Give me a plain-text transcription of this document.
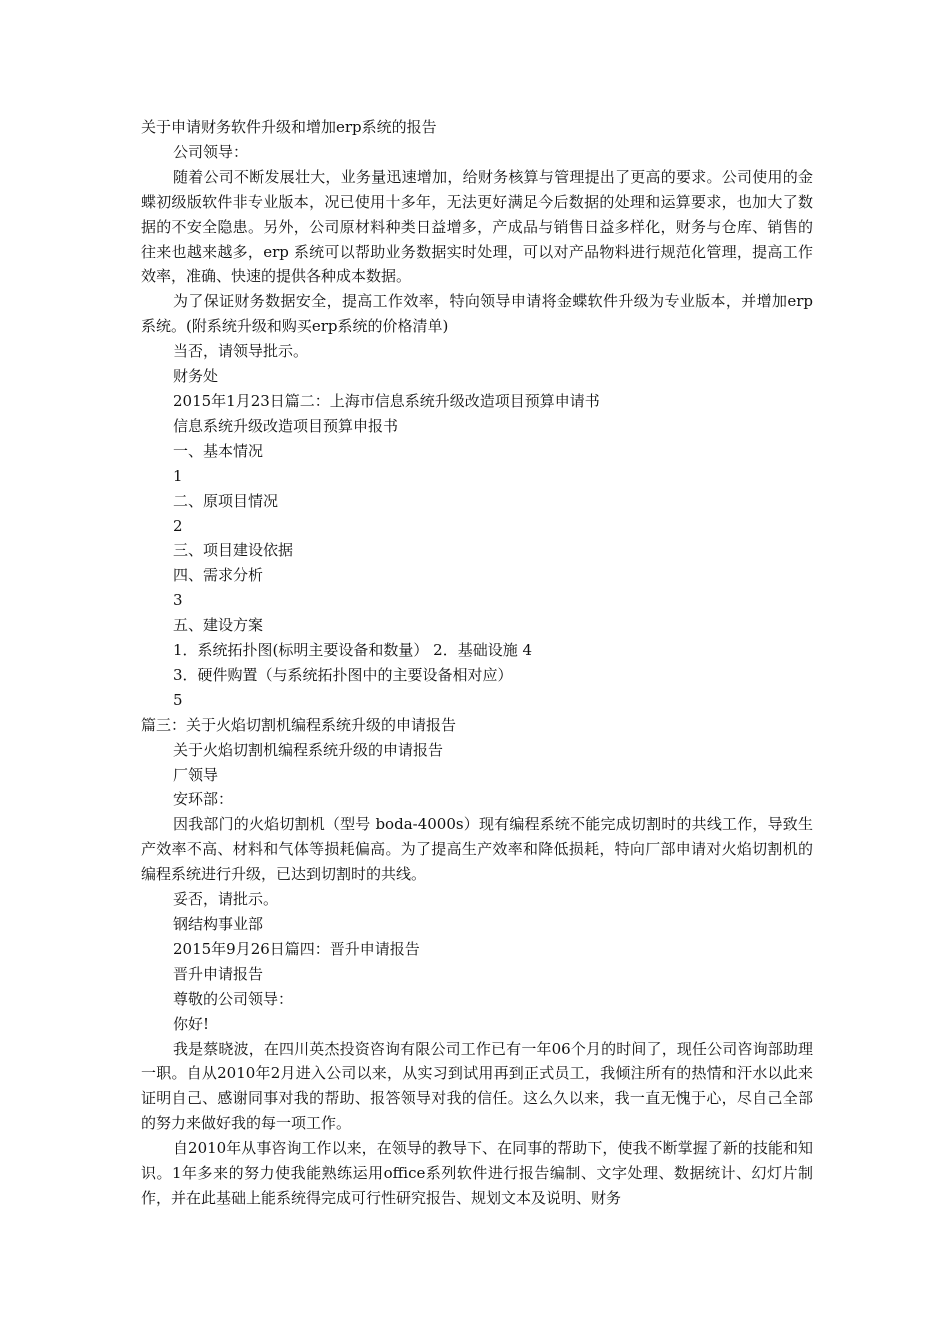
关于申请财务软件升级和增加erp系统的报告

公司领导：

随着公司不断发展壮大，业务量迅速增加，给财务核算与管理提出了更高的要求。公司使用的金蝶初级版软件非专业版本，况已使用十多年，无法更好满足今后数据的处理和运算要求，也加大了数据的不安全隐患。另外，公司原材料种类日益增多，产成品与销售日益多样化，财务与仓库、销售的往来也越来越多，erp 系统可以帮助业务数据实时处理，可以对产品物料进行规范化管理，提高工作效率，准确、快速的提供各种成本数据。

为了保证财务数据安全，提高工作效率，特向领导申请将金蝶软件升级为专业版本，并增加erp系统。(附系统升级和购买erp系统的价格清单)

当否，请领导批示。

财务处

2015年1月23日篇二：上海市信息系统升级改造项目预算申请书

信息系统升级改造项目预算申报书

一、基本情况

1

二、原项目情况

2

三、项目建设依据

四、需求分析

3

五、建设方案

1．系统拓扑图(标明主要设备和数量） 2．基础设施 4

3．硬件购置（与系统拓扑图中的主要设备相对应）

5

篇三：关于火焰切割机编程系统升级的申请报告

关于火焰切割机编程系统升级的申请报告

厂领导

安环部：

因我部门的火焰切割机（型号 boda-4000s）现有编程系统不能完成切割时的共线工作，导致生产效率不高、材料和气体等损耗偏高。为了提高生产效率和降低损耗，特向厂部申请对火焰切割机的编程系统进行升级，已达到切割时的共线。

妥否，请批示。

钢结构事业部

2015年9月26日篇四：晋升申请报告

晋升申请报告

尊敬的公司领导：

你好!

我是蔡晓波，在四川英杰投资咨询有限公司工作已有一年06个月的时间了，现任公司咨询部助理一职。自从2010年2月进入公司以来，从实习到试用再到正式员工，我倾注所有的热情和汗水以此来证明自己、感谢同事对我的帮助、报答领导对我的信任。这么久以来，我一直无愧于心，尽自己全部的努力来做好我的每一项工作。

自2010年从事咨询工作以来，在领导的教导下、在同事的帮助下，使我不断掌握了新的技能和知识。1年多来的努力使我能熟练运用office系列软件进行报告编制、文字处理、数据统计、幻灯片制作，并在此基础上能系统得完成可行性研究报告、规划文本及说明、财务
